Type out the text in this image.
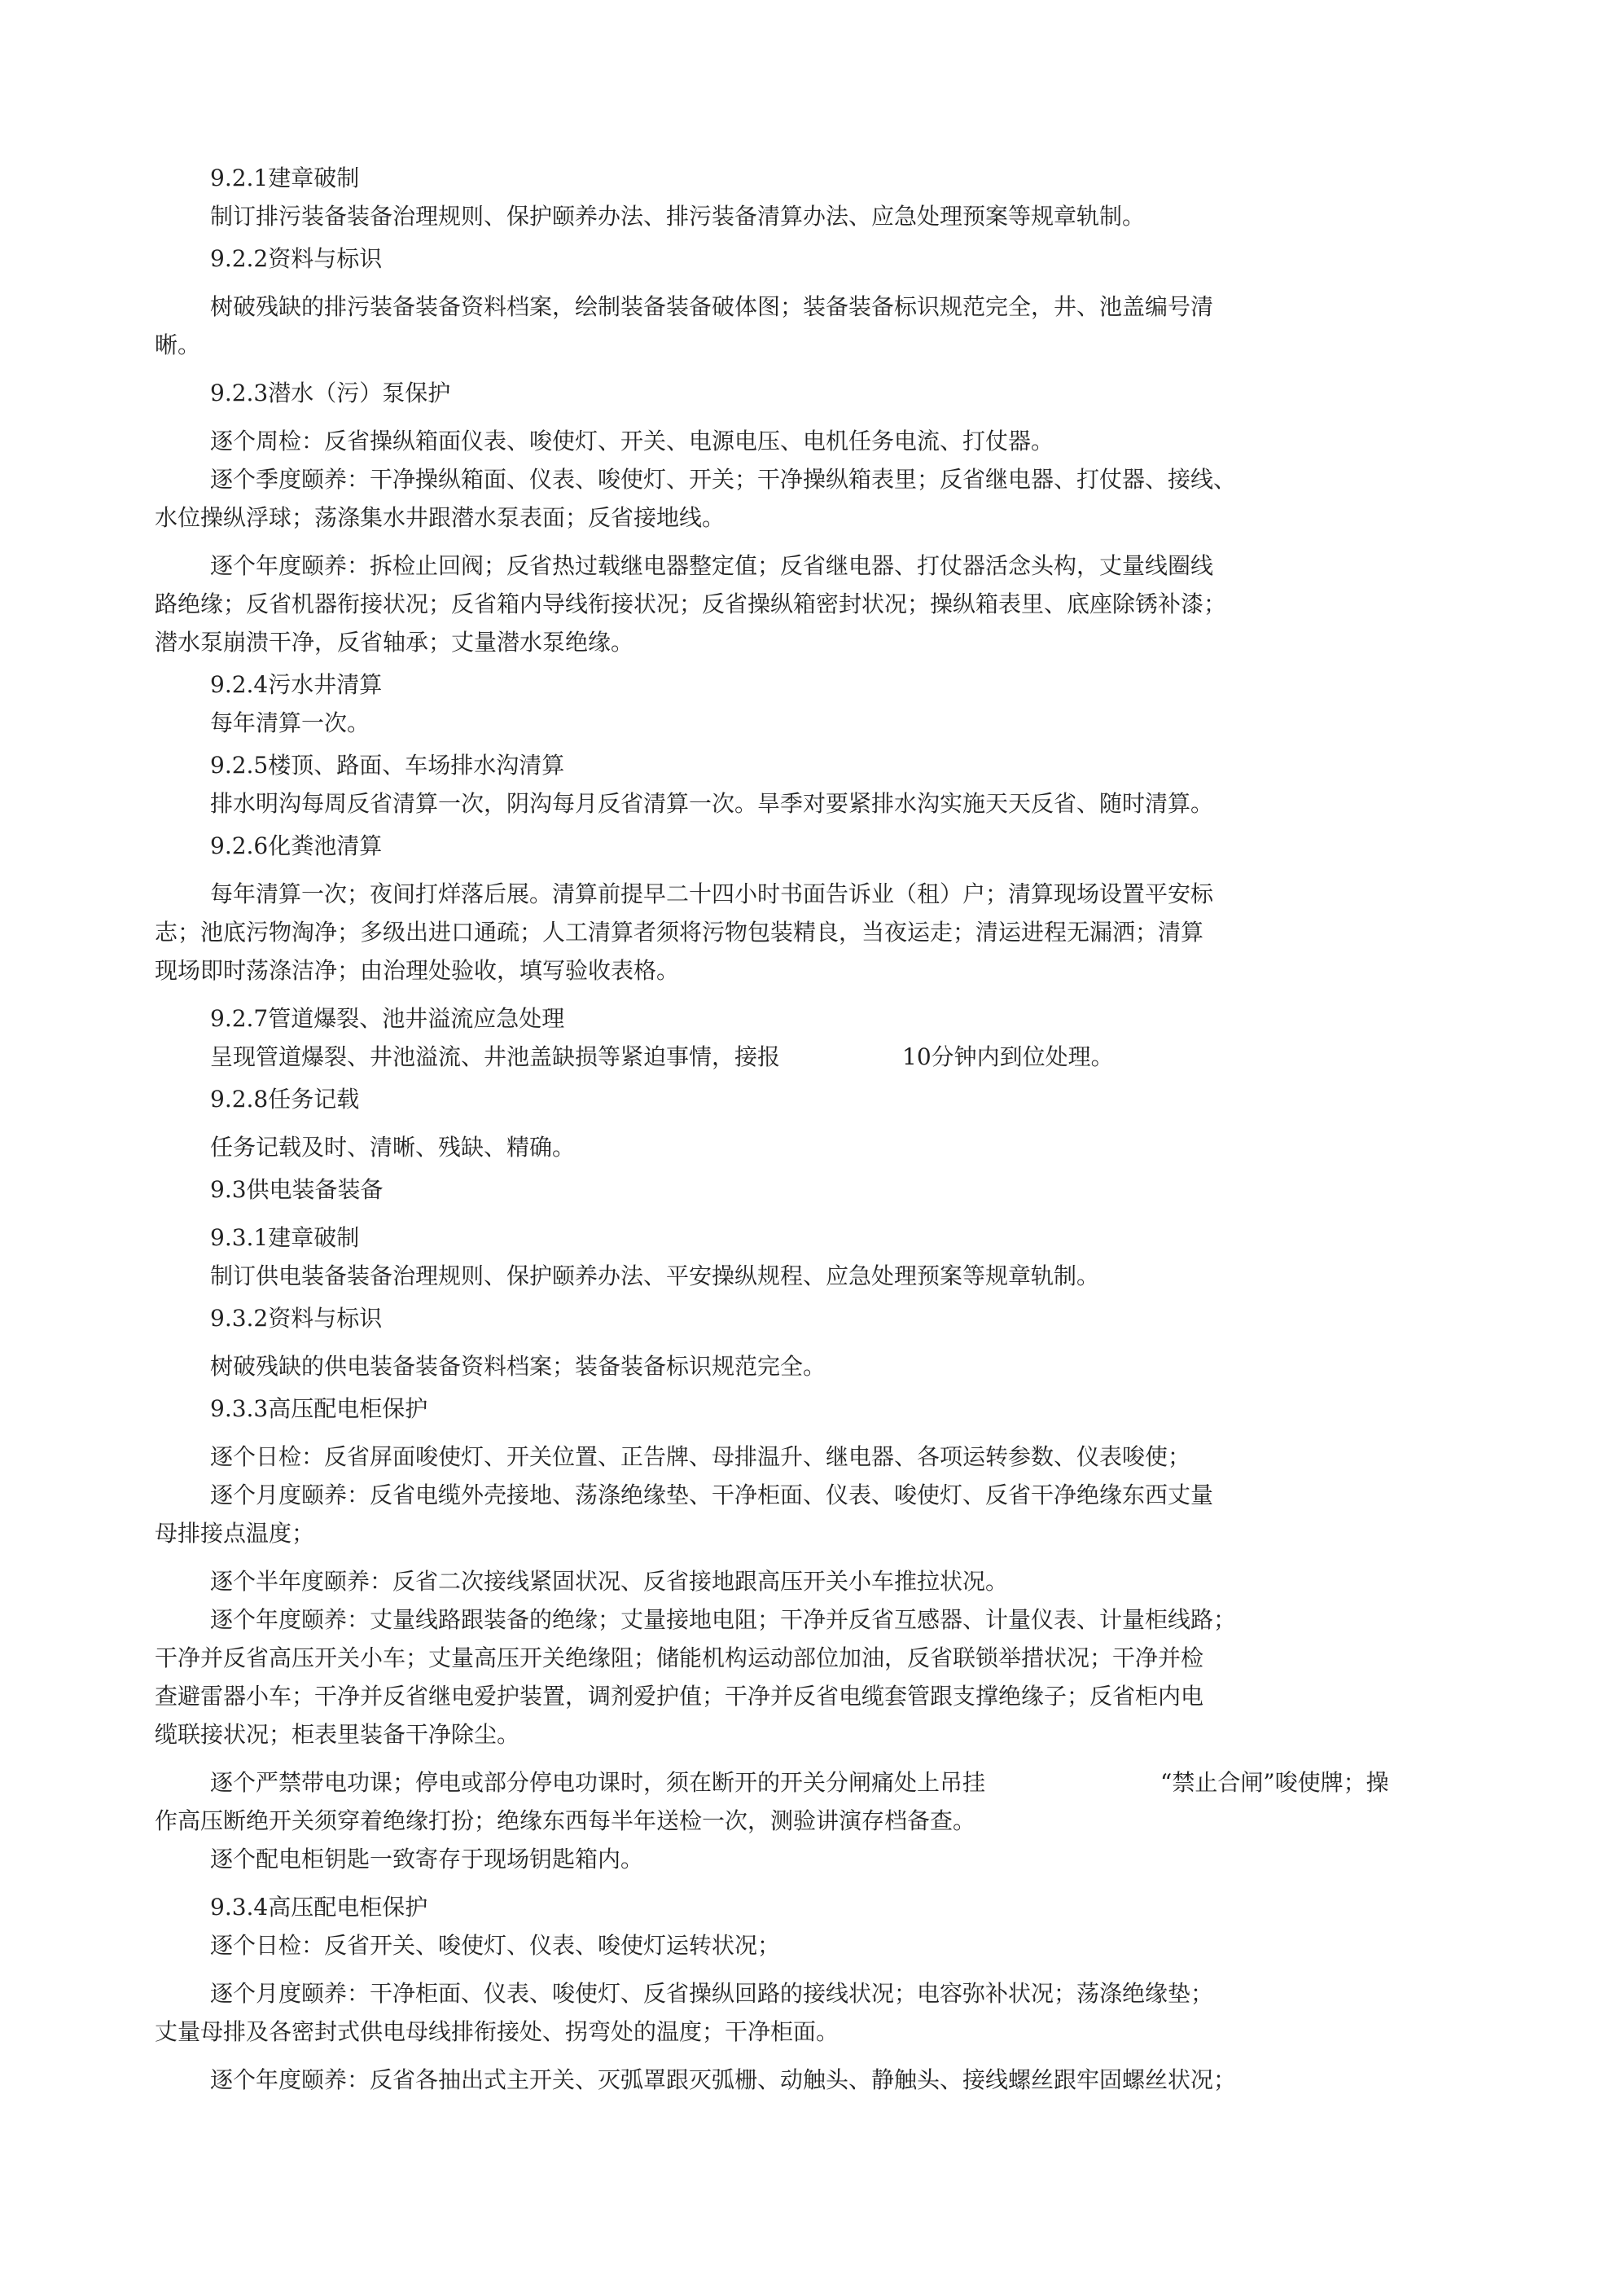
9.2.1建章破制
制订排污装备装备治理规则、保护颐养办法、排污装备清算办法、应急处理预案等规章轨制。
9.2.2资料与标识
树破残缺的排污装备装备资料档案，绘制装备装备破体图；装备装备标识规范完全，井、池盖编号清
晰。
9.2.3潜水（污）泵保护
逐个周检：反省操纵箱面仪表、唆使灯、开关、电源电压、电机任务电流、打仗器。
逐个季度颐养：干净操纵箱面、仪表、唆使灯、开关；干净操纵箱表里；反省继电器、打仗器、接线、
水位操纵浮球；荡涤集水井跟潜水泵表面；反省接地线。
逐个年度颐养：拆检止回阀；反省热过载继电器整定值；反省继电器、打仗器活念头构，丈量线圈线
路绝缘；反省机器衔接状况；反省箱内导线衔接状况；反省操纵箱密封状况；操纵箱表里、底座除锈补漆；
潜水泵崩溃干净，反省轴承；丈量潜水泵绝缘。
9.2.4污水井清算
每年清算一次。
9.2.5楼顶、路面、车场排水沟清算
排水明沟每周反省清算一次，阴沟每月反省清算一次。旱季对要紧排水沟实施天天反省、随时清算。
9.2.6化粪池清算
每年清算一次；夜间打烊落后展。清算前提早二十四小时书面告诉业（租）户；清算现场设置平安标
志；池底污物淘净；多级出进口通疏；人工清算者须将污物包装精良，当夜运走；清运进程无漏洒；清算
现场即时荡涤洁净；由治理处验收，填写验收表格。
9.2.7管道爆裂、池井溢流应急处理
呈现管道爆裂、井池溢流、井池盖缺损等紧迫事情，接报	10分钟内到位处理。
9.2.8任务记载
任务记载及时、清晰、残缺、精确。
9.3供电装备装备
9.3.1建章破制
制订供电装备装备治理规则、保护颐养办法、平安操纵规程、应急处理预案等规章轨制。
9.3.2资料与标识
树破残缺的供电装备装备资料档案；装备装备标识规范完全。
9.3.3高压配电柜保护
逐个日检：反省屏面唆使灯、开关位置、正告牌、母排温升、继电器、各项运转参数、仪表唆使；
逐个月度颐养：反省电缆外壳接地、荡涤绝缘垫、干净柜面、仪表、唆使灯、反省干净绝缘东西丈量
母排接点温度；
逐个半年度颐养：反省二次接线紧固状况、反省接地跟高压开关小车推拉状况。
逐个年度颐养：丈量线路跟装备的绝缘；丈量接地电阻；干净并反省互感器、计量仪表、计量柜线路；
干净并反省高压开关小车；丈量高压开关绝缘阻；储能机构运动部位加油，反省联锁举措状况；干净并检
查避雷器小车；干净并反省继电爱护装置，调剂爱护值；干净并反省电缆套管跟支撑绝缘子；反省柜内电
缆联接状况；柜表里装备干净除尘。
逐个严禁带电功课；停电或部分停电功课时，须在断开的开关分闸痛处上吊挂	“禁止合闸”唆使牌；操
作高压断绝开关须穿着绝缘打扮；绝缘东西每半年送检一次，测验讲演存档备查。
逐个配电柜钥匙一致寄存于现场钥匙箱内。
9.3.4高压配电柜保护
逐个日检：反省开关、唆使灯、仪表、唆使灯运转状况；
逐个月度颐养：干净柜面、仪表、唆使灯、反省操纵回路的接线状况；电容弥补状况；荡涤绝缘垫；
丈量母排及各密封式供电母线排衔接处、拐弯处的温度；干净柜面。
逐个年度颐养：反省各抽出式主开关、灭弧罩跟灭弧栅、动触头、静触头、接线螺丝跟牢固螺丝状况；
